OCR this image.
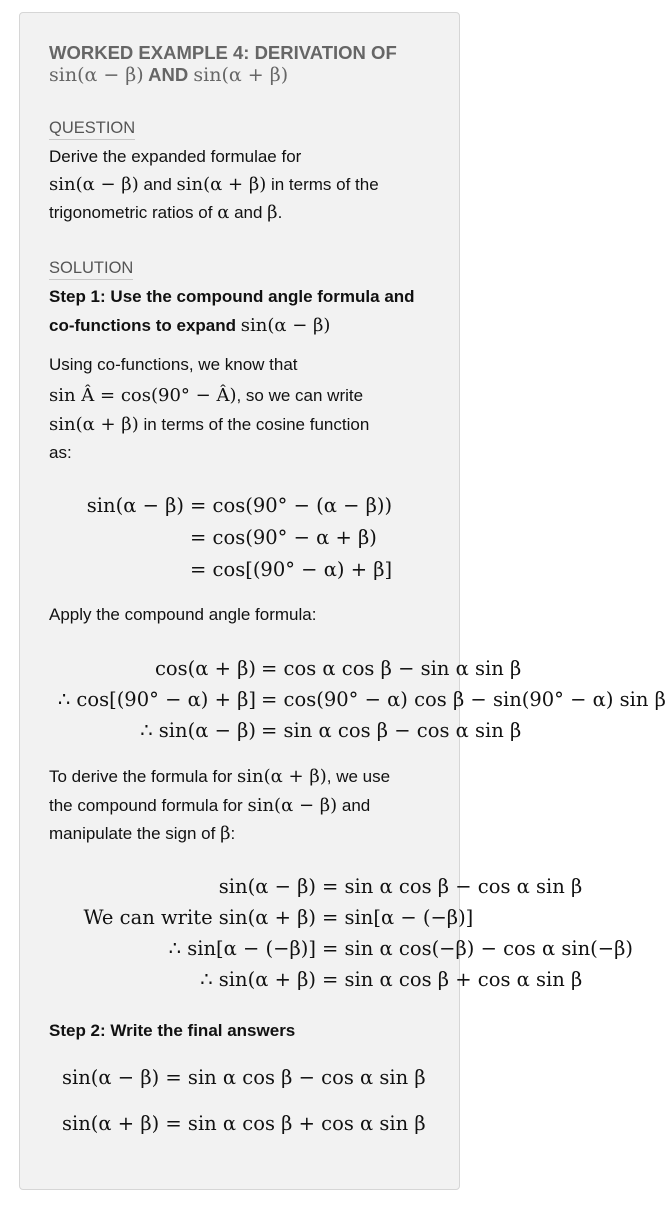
WORKED EXAMPLE 4: DERIVATION OF
sin(α − β) AND sin(α + β)
QUESTION
Derive the expanded formulae for
sin(α − β) and sin(α + β) in terms of the
trigonometric ratios of α and β.
SOLUTION
Step 1: Use the compound angle formula and
co-functions to expand sin(α − β)
Using co-functions, we know that
sin Â = cos(90° − Â), so we can write
sin(α + β) in terms of the cosine function
as:
sin(α − β) = cos(90° − (α − β))
= cos(90° − α + β)
= cos[(90° − α) + β]
Apply the compound angle formula:
cos(α + β) = cos α cos β − sin α sin β
∴ cos[(90° − α) + β] = cos(90° − α) cos β − sin(90° − α) sin β
∴ sin(α − β) = sin α cos β − cos α sin β
To derive the formula for sin(α + β), we use
the compound formula for sin(α − β) and
manipulate the sign of β:
sin(α − β) = sin α cos β − cos α sin β
We can write sin(α + β) = sin[α − (−β)]
∴ sin[α − (−β)] = sin α cos(−β) − cos α sin(−β)
∴ sin(α + β) = sin α cos β + cos α sin β
Step 2: Write the final answers
sin(α − β) = sin α cos β − cos α sin β
sin(α + β) = sin α cos β + cos α sin β
